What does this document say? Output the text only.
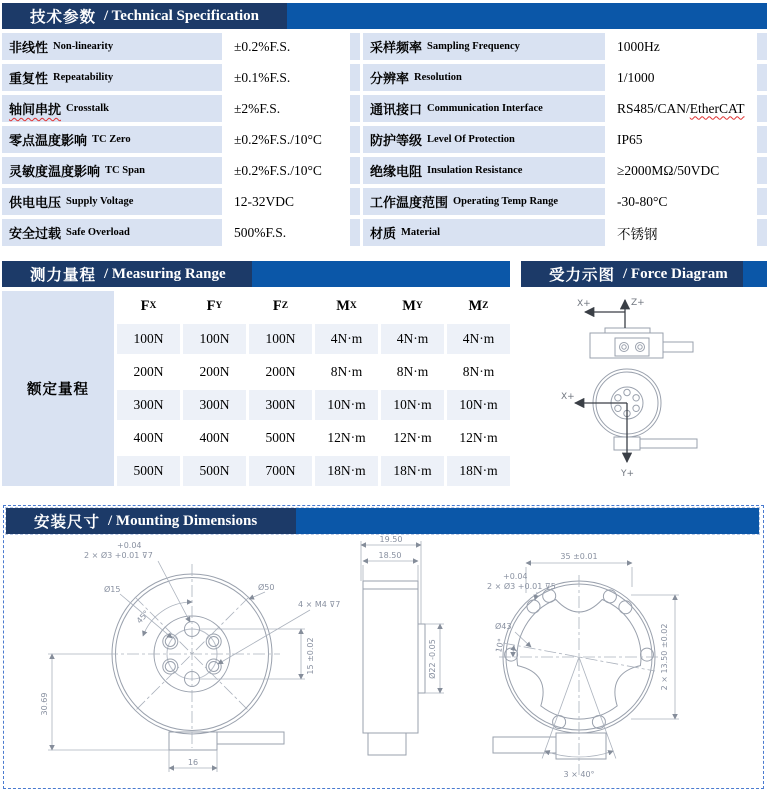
技术参数 / Technical Specification
非线性 Non-linearity	±0.2%F.S.	采样频率 Sampling Frequency	1000Hz
重复性 Repeatability	±0.1%F.S.	分辨率 Resolution	1/1000
轴间串扰 Crosstalk	±2%F.S.	通讯接口 Communication Interface	RS485/CAN/ EtherCAT
零点温度影响 TC Zero	±0.2%F.S./10°C	防护等级 Level Of Protection	IP65
灵敏度温度影响 TC Span	±0.2%F.S./10°C	绝缘电阻 Insulation Resistance	≥2000MΩ/50VDC
供电电压 Supply Voltage	12-32VDC	工作温度范围 Operating Temp Range	-30-80°C
安全过载 Safe Overload	500%F.S.	材质 Material	不锈钢
测力量程 / Measuring Range	受力示图 / Force Diagram
额定量程
F X	F Y	F Z	M X	M Y	M Z
100N	100N	100N	4N·m	4N·m	4N·m
200N	200N	200N	8N·m	8N·m	8N·m
300N	300N	300N	10N·m	10N·m	10N·m
400N	400N	500N	12N·m	12N·m	12N·m
500N	500N	700N	18N·m	18N·m	18N·m
Z+
X+
X+
Y+
安装尺寸 / Mounting Dimensions
+0.04
2 × Ø3 +0.01 ⊽7
Ø15	Ø50
4 × M4 ⊽7
45°
15 ±0.02
30.69
16
19.50
18.50
Ø22 -0.05
35 ±0.01
2 × 13.50 ±0.02
+0.04
2 × Ø3 +0.01 ⊽5
Ø43
10°
3 × 40°
